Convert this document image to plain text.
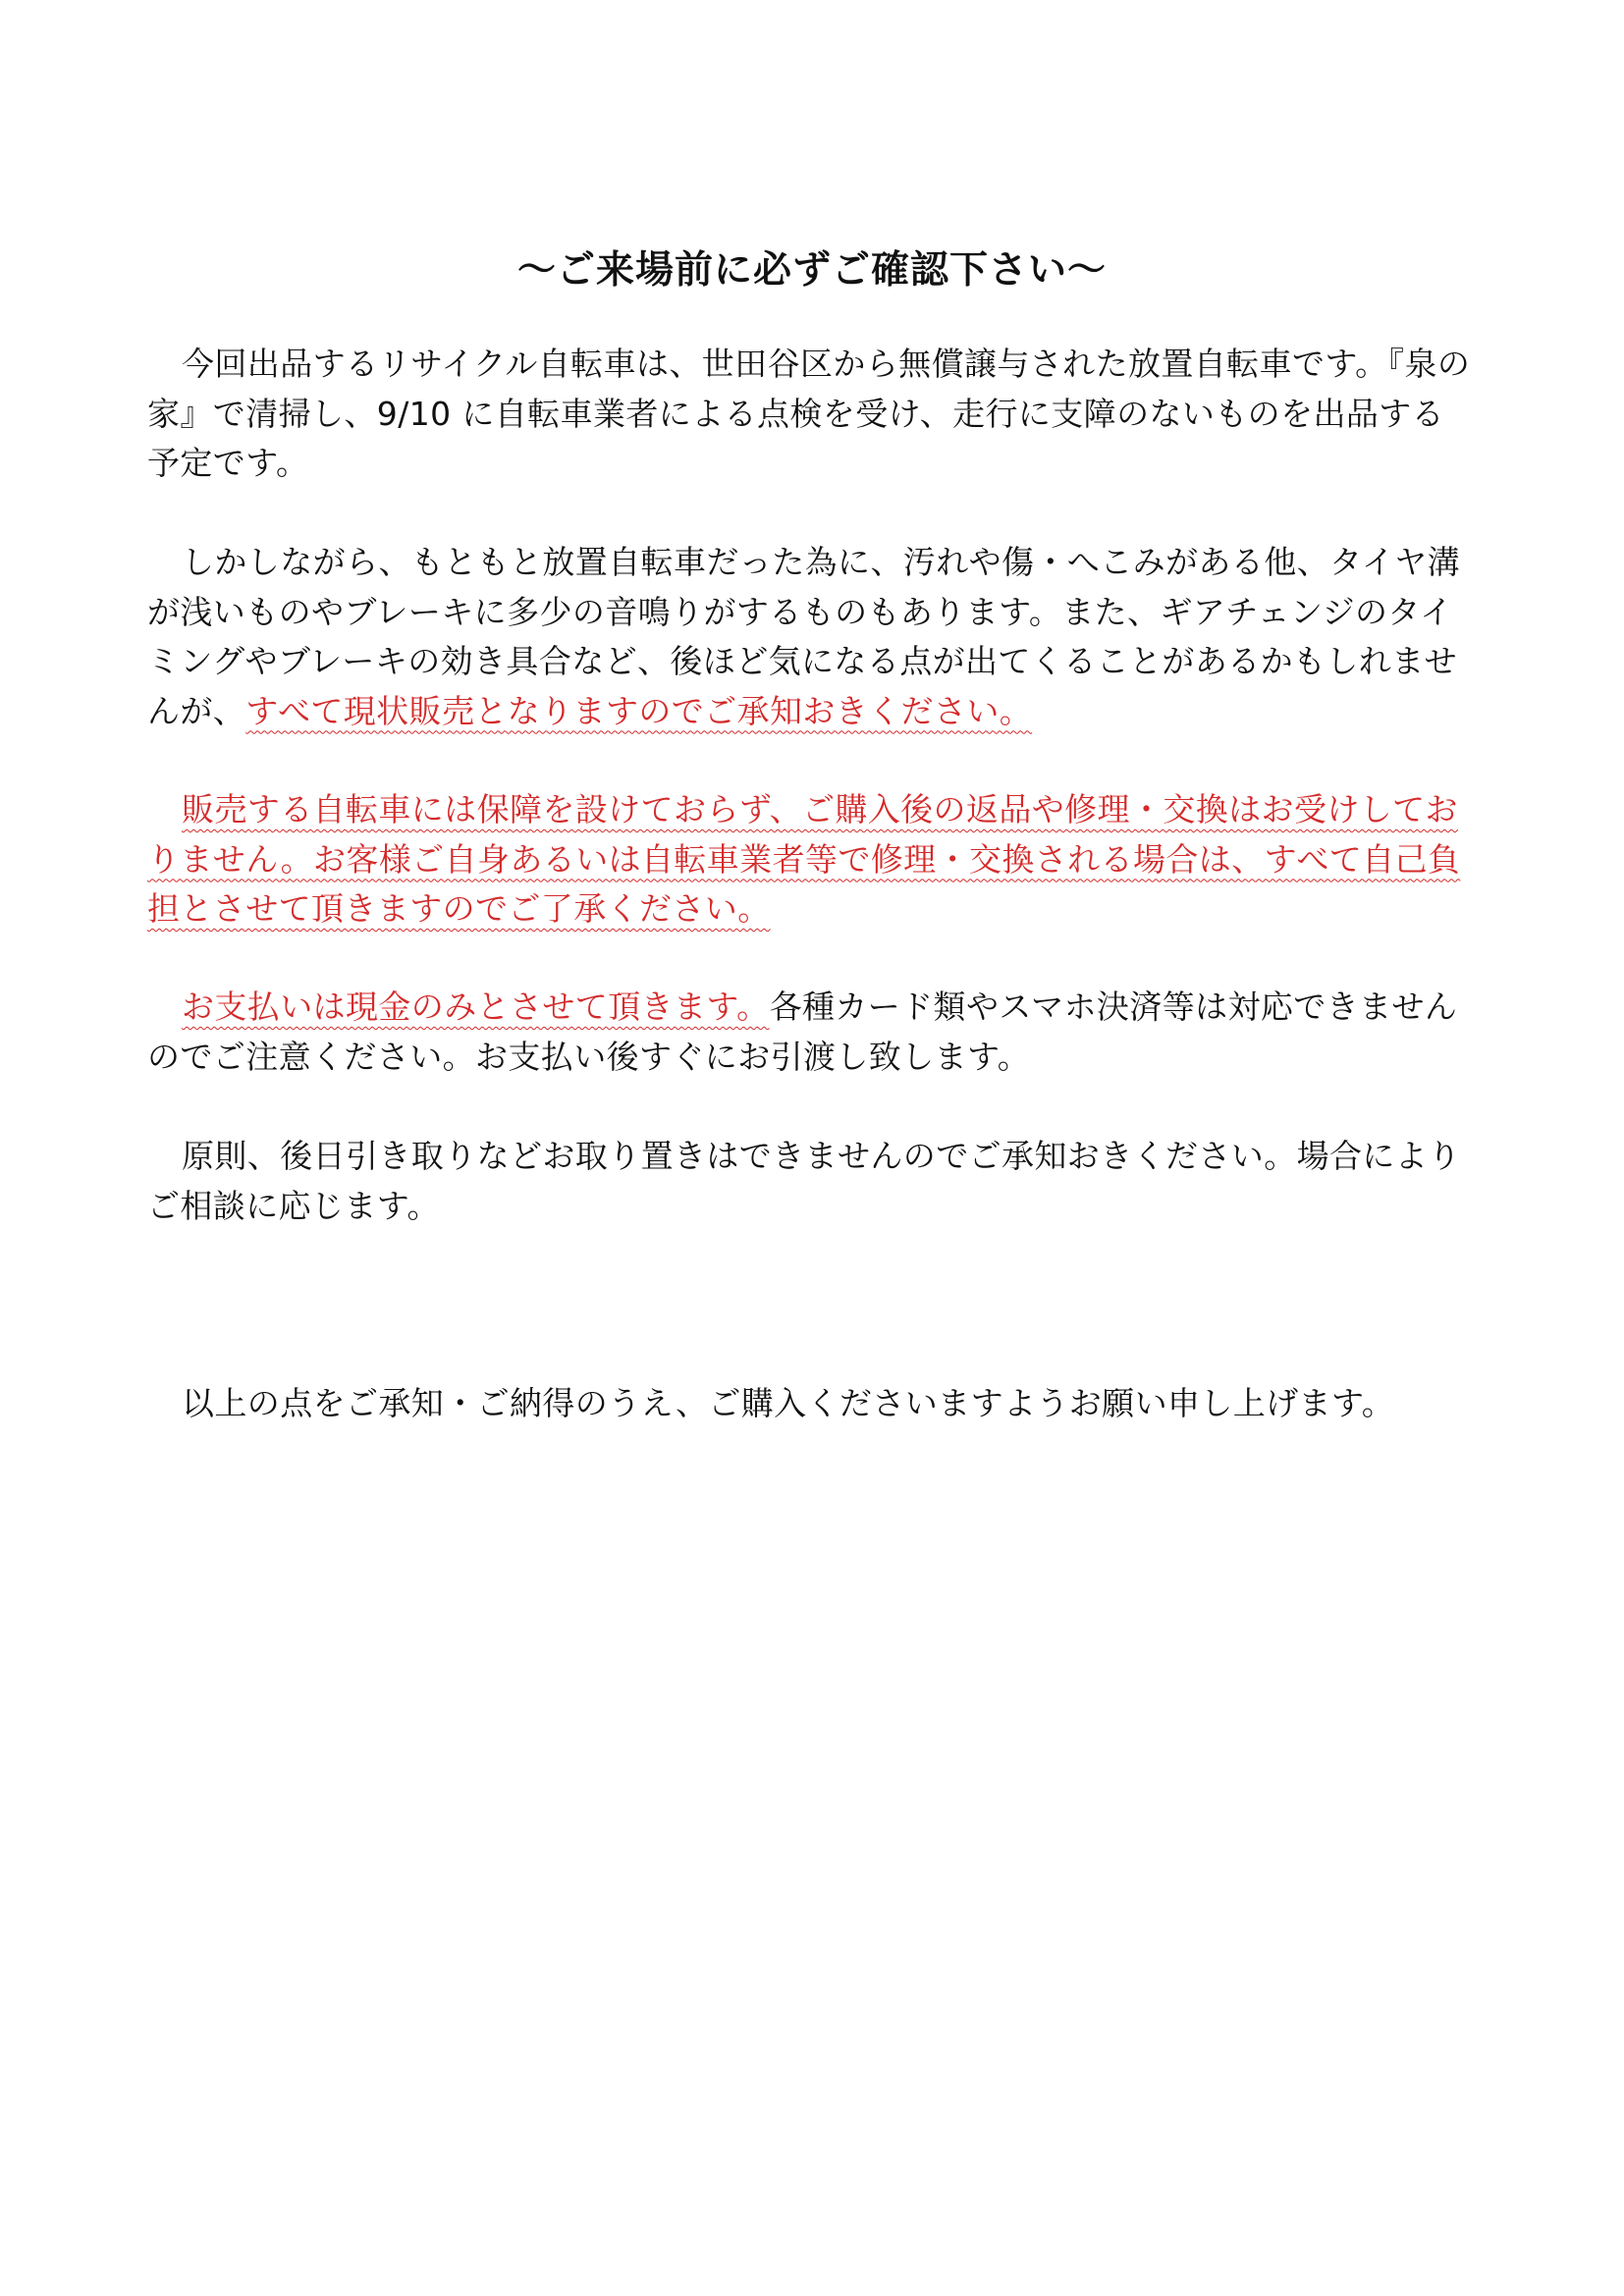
～ご来場前に必ずご確認下さい～

今回出品するリサイクル自転車は、世田谷区から無償譲与された放置自転車です。『泉の家』で清掃し、9/10 に自転車業者による点検を受け、走行に支障のないものを出品する予定です。

しかしながら、もともと放置自転車だった為に、汚れや傷・へこみがある他、タイヤ溝が浅いものやブレーキに多少の音鳴りがするものもあります。また、ギアチェンジのタイミングやブレーキの効き具合など、後ほど気になる点が出てくることがあるかもしれませんが、すべて現状販売となりますのでご承知おきください。

販売する自転車には保障を設けておらず、ご購入後の返品や修理・交換はお受けしておりません。お客様ご自身あるいは自転車業者等で修理・交換される場合は、すべて自己負担とさせて頂きますのでご了承ください。

お支払いは現金のみとさせて頂きます。各種カード類やスマホ決済等は対応できませんのでご注意ください。お支払い後すぐにお引渡し致します。

原則、後日引き取りなどお取り置きはできませんのでご承知おきください。場合によりご相談に応じます。

以上の点をご承知・ご納得のうえ、ご購入くださいますようお願い申し上げます。
